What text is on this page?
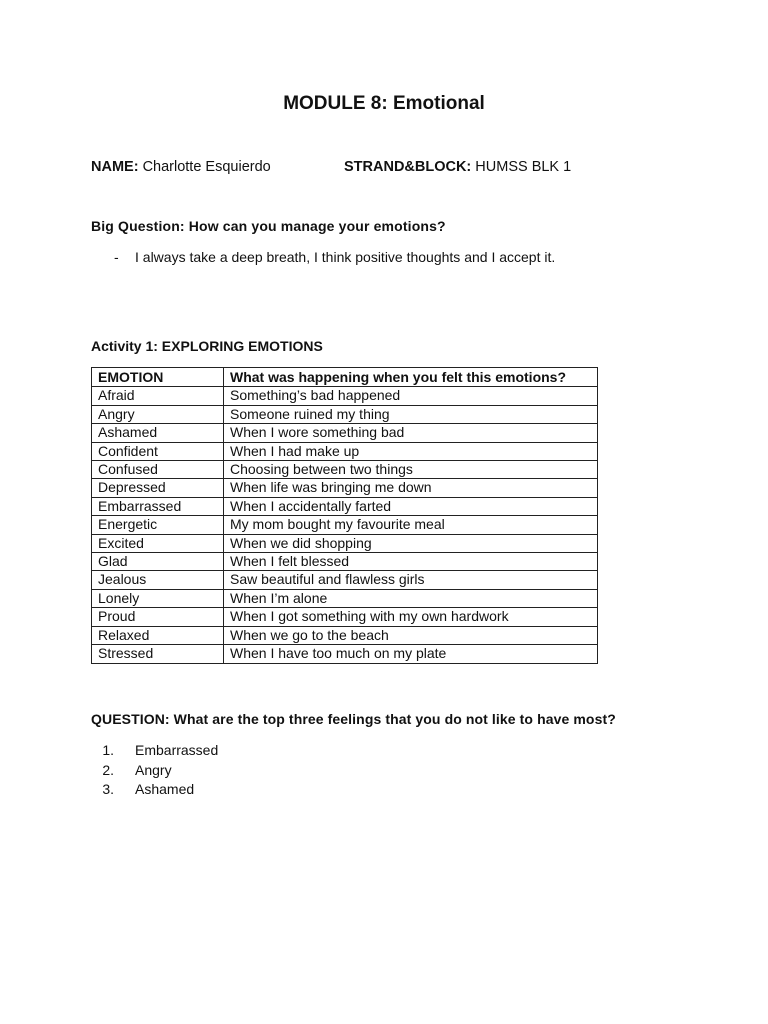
MODULE 8: Emotional
NAME: Charlotte Esquierdo	STRAND&BLOCK: HUMSS BLK 1
Big Question: How can you manage your emotions?
- I always take a deep breath, I think positive thoughts and I accept it.
Activity 1: EXPLORING EMOTIONS
EMOTION	What was happening when you felt this emotions?
Afraid	Something’s bad happened
Angry	Someone ruined my thing
Ashamed	When I wore something bad
Confident	When I had make up
Confused	Choosing between two things
Depressed	When life was bringing me down
Embarrassed	When I accidentally farted
Energetic	My mom bought my favourite meal
Excited	When we did shopping
Glad	When I felt blessed
Jealous	Saw beautiful and flawless girls
Lonely	When I’m alone
Proud	When I got something with my own hardwork
Relaxed	When we go to the beach
Stressed	When I have too much on my plate
QUESTION: What are the top three feelings that you do not like to have most?
1. Embarrassed
2. Angry
3. Ashamed
